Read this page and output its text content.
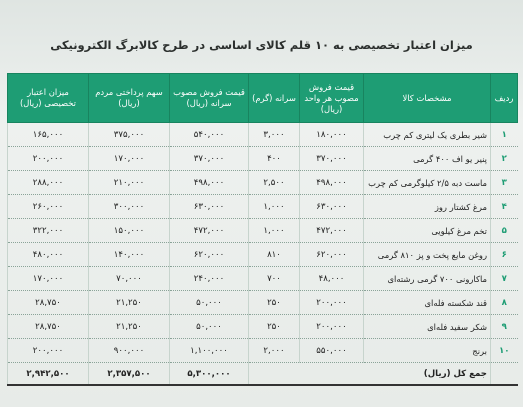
میزان اعتبار تخصیصی به ۱۰ قلم کالای اساسی در طرح کالابرگ الکترونیکی
ردیف	مشخصات کالا	قیمت فروش مصوب هر واحد (ریال)	سرانه (گرم)	قیمت فروش مصوب سرانه (ریال)	سهم پرداختی مردم (ریال)	میزان اعتبار تخصیصی (ریال)
۱	شیر بطری یک لیتری کم چرب	۱۸۰,۰۰۰	۳,۰۰۰	۵۴۰,۰۰۰	۳۷۵,۰۰۰	۱۶۵,۰۰۰
۲	پنیر یو اف ۴۰۰ گرمی	۳۷۰,۰۰۰	۴۰۰	۳۷۰,۰۰۰	۱۷۰,۰۰۰	۲۰۰,۰۰۰
۳	ماست دبه ۲/۵ کیلوگرمی کم چرب	۴۹۸,۰۰۰	۲,۵۰۰	۴۹۸,۰۰۰	۲۱۰,۰۰۰	۲۸۸,۰۰۰
۴	مرغ کشتار روز	۶۳۰,۰۰۰	۱,۰۰۰	۶۳۰,۰۰۰	۳۰۰,۰۰۰	۲۶۰,۰۰۰
۵	تخم مرغ کیلویی	۴۷۲,۰۰۰	۱,۰۰۰	۴۷۲,۰۰۰	۱۵۰,۰۰۰	۳۲۲,۰۰۰
۶	روغن مایع پخت و پز ۸۱۰ گرمی	۶۲۰,۰۰۰	۸۱۰	۶۲۰,۰۰۰	۱۴۰,۰۰۰	۴۸۰,۰۰۰
۷	ماکارونی ۷۰۰ گرمی رشته‌ای	۴۸,۰۰۰	۷۰۰	۲۴۰,۰۰۰	۷۰,۰۰۰	۱۷۰,۰۰۰
۸	قند شکسته فله‌ای	۲۰۰,۰۰۰	۲۵۰	۵۰,۰۰۰	۲۱,۲۵۰	۲۸,۷۵۰
۹	شکر سفید فله‌ای	۲۰۰,۰۰۰	۲۵۰	۵۰,۰۰۰	۲۱,۲۵۰	۲۸,۷۵۰
۱۰	برنج	۵۵۰,۰۰۰	۲,۰۰۰	۱,۱۰۰,۰۰۰	۹۰۰,۰۰۰	۲۰۰,۰۰۰
	جمع کل (ریال)			۵,۳۰۰,۰۰۰	۲,۳۵۷,۵۰۰	۲,۹۴۲,۵۰۰
